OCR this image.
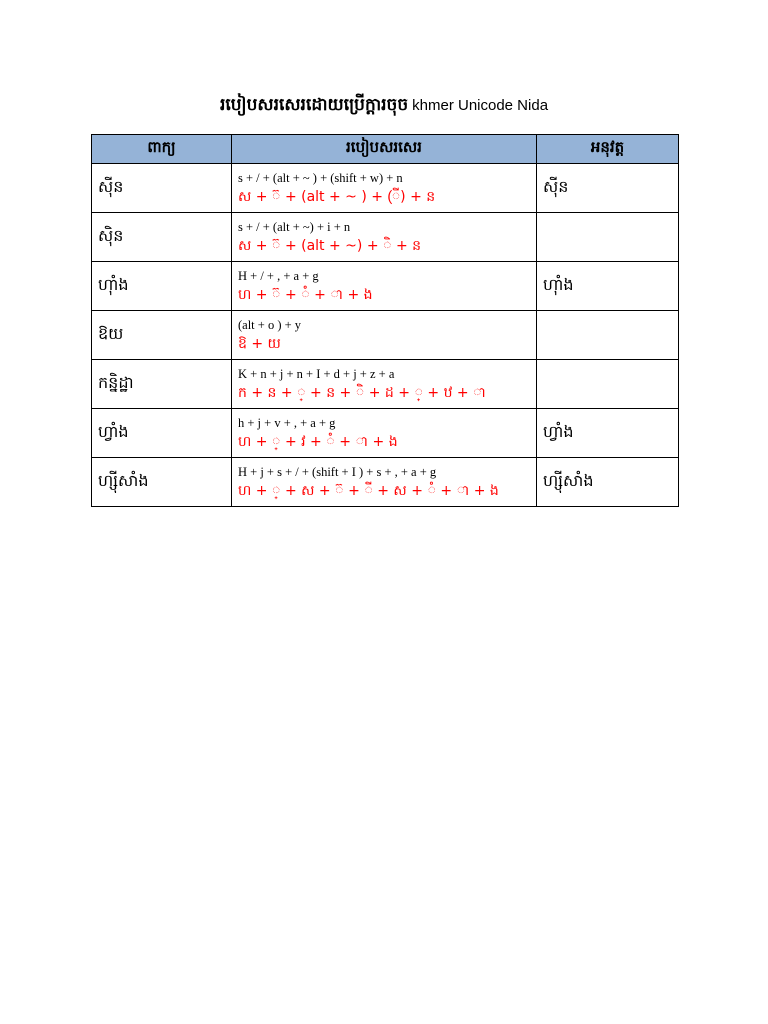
របៀបសរសេរដោយប្រើក្តារចុច khmer Unicode Nida
ពាក្យ	របៀបសរសេរ	អនុវត្ត
ស៊ីន	s + / + (alt + ~ ) + (shift + w) + n
ស + ៊ + (alt + ~ ) + (ី) + ន	ស៊ីន
ស៊ិន	s + / + (alt + ~) + i + n
ស + ៊ + (alt + ~) + ិ + ន	

ហ៊ាំង	H + / + , + a + g
ហ + ៊ + ំ + ា + ង	ហ៊ាំង
ឱយ	(alt + o ) + y
ឱ + យ	

កន្និដ្ឋា	K + n + j + n + I + d + j + z + a
ក + ន + ្ + ន + ិ + ដ + ្ + ឋ + ា	

ហ្វាំង	h + j + v + , + a + g
ហ + ្ + វ + ំ + ា + ង	ហ្វាំង
ហ្ស៊ីសាំង	H + j + s + / + (shift + I ) + s + , + a + g
ហ + ្ + ស + ៊ + ី + ស + ំ + ា + ង	ហ្ស៊ីសាំង
